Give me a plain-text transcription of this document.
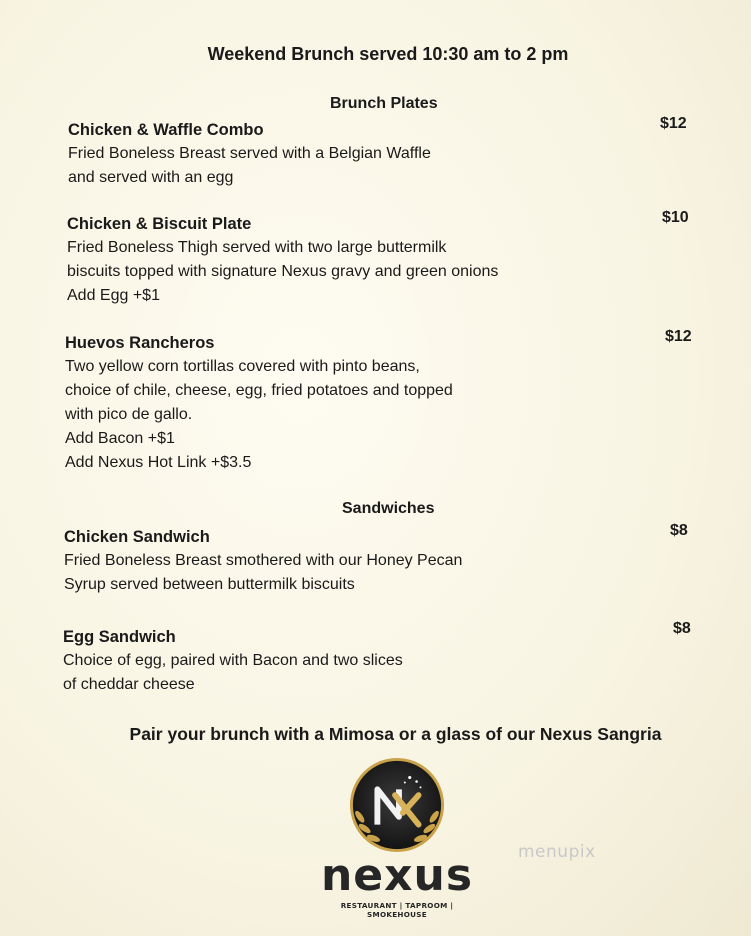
Weekend Brunch served 10:30 am to 2 pm
Brunch Plates
Chicken & Waffle Combo

Fried Boneless Breast served with a Belgian Waffle

and served with an egg

$12
Chicken & Biscuit Plate

Fried Boneless Thigh served with two large buttermilk

biscuits topped with signature Nexus gravy and green onions

Add Egg +$1

$10
Huevos Rancheros

Two yellow corn tortillas covered with pinto beans,

choice of chile, cheese, egg, fried potatoes and topped

with pico de gallo.

Add Bacon +$1

Add Nexus Hot Link +$3.5

$12
Sandwiches
Chicken Sandwich

Fried Boneless Breast smothered with our Honey Pecan

Syrup served between buttermilk biscuits

$8
Egg Sandwich

Choice of egg, paired with Bacon and two slices

of cheddar cheese

$8
Pair your brunch with a Mimosa or a glass of our Nexus Sangria
nexus
RESTAURANT | TAPROOM | SMOKEHOUSE
menupix
